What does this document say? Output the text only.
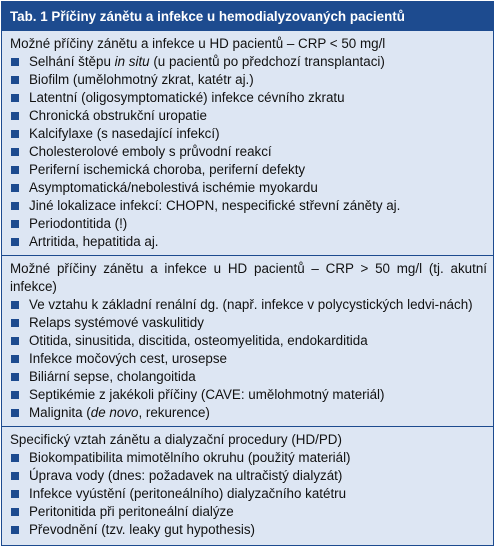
Tab. 1 Příčiny zánětu a infekce u hemodialyzovaných pacientů
Možné příčiny zánětu a infekce u HD pacientů – CRP < 50 mg/l
Selhání štěpu in situ (u pacientů po předchozí transplantaci)
Biofilm (umělohmotný zkrat, katétr aj.)
Latentní (oligosymptomatické) infekce cévního zkratu
Chronická obstrukční uropatie
Kalcifylaxe (s nasedající infekcí)
Cholesterolové emboly s průvodní reakcí
Periferní ischemická choroba, periferní defekty
Asymptomatická/nebolestivá ischémie myokardu
Jiné lokalizace infekcí: CHOPN, nespecifické střevní záněty aj.
Periodontitida (!)
Artritida, hepatitida aj.
Možné příčiny zánětu a infekce u HD pacientů – CRP > 50 mg/l (tj. akutní infekce)
Ve vztahu k základní renální dg. (např. infekce v polycystických ledvi-nách)
Relaps systémové vaskulitidy
Otitida, sinusitida, discitida, osteomyelitida, endokarditida
Infekce močových cest, urosepse
Biliární sepse, cholangoitida
Septikémie z jakékoli příčiny (CAVE: umělohmotný materiál)
Malignita (de novo, rekurence)
Specifický vztah zánětu a dialyzační procedury (HD/PD)
Biokompatibilita mimotělního okruhu (použitý materiál)
Úprava vody (dnes: požadavek na ultračistý dialyzát)
Infekce vyústění (peritoneálního) dialyzačního katétru
Peritonitida při peritoneální dialýze
Převodnění (tzv. leaky gut hypothesis)
